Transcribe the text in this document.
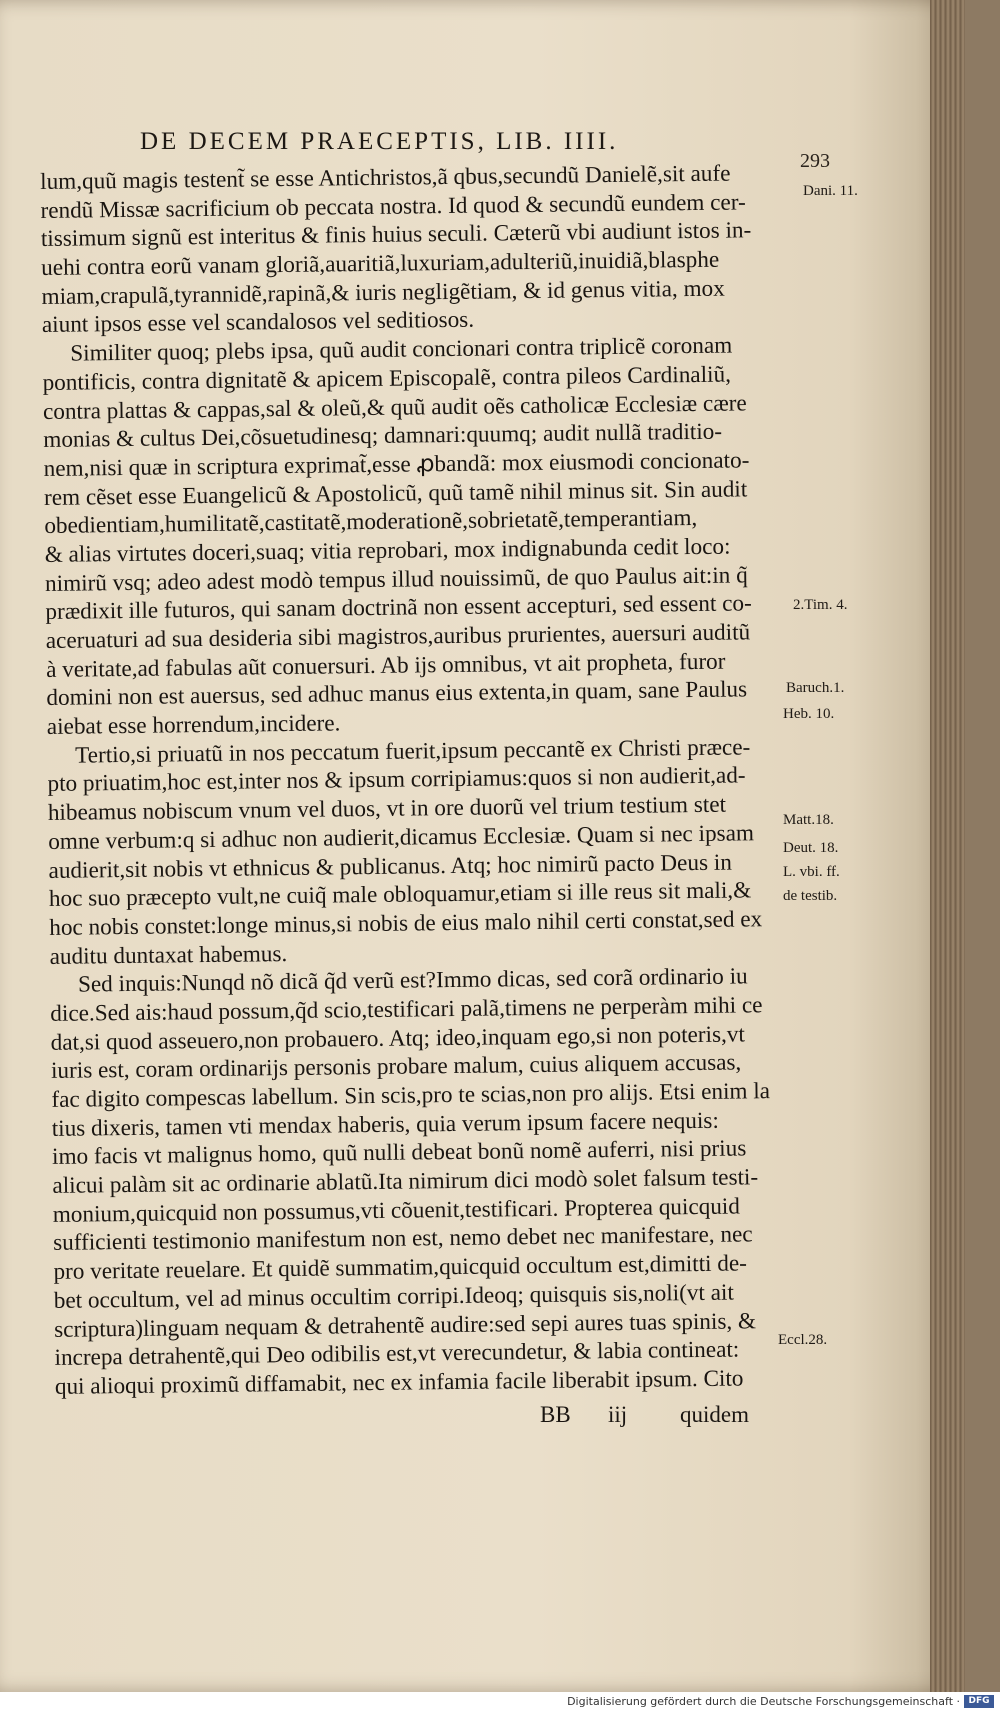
DE DECEM PRAECEPTIS, LIB. IIII.
293
lum,quũ magis testent̃ se esse Antichristos,ã qbus,secundũ Danielẽ,sit aufe
rendũ Missæ sacrificium ob peccata nostra. Id quod & secundũ eundem cer-
tissimum signũ est interitus & finis huius seculi. Cæterũ vbi audiunt istos in-
uehi contra eorũ vanam gloriã,auaritiã,luxuriam,adulteriũ,inuidiã,blasphe
miam,crapulã,tyrannidẽ,rapinã,& iuris negligẽtiam, & id genus vitia, mox
aiunt ipsos esse vel scandalosos vel seditiosos.
Similiter quoq; plebs ipsa, quũ audit concionari contra triplicẽ coronam
pontificis, contra dignitatẽ & apicem Episcopalẽ, contra pileos Cardinaliũ,
contra plattas & cappas,sal & oleũ,& quũ audit oẽs catholicæ Ecclesiæ cære
monias & cultus Dei,cõsuetudinesq; damnari:quumq; audit nullã traditio-
nem,nisi quæ in scriptura exprimat̃,esse ꝓbandã: mox eiusmodi concionato-
rem cẽset esse Euangelicũ & Apostolicũ, quũ tamẽ nihil minus sit. Sin audit
obedientiam,humilitatẽ,castitatẽ,moderationẽ,sobrietatẽ,temperantiam,
& alias virtutes doceri,suaq; vitia reprobari, mox indignabunda cedit loco:
nimirũ vsq; adeo adest modò tempus illud nouissimũ, de quo Paulus ait:in q̃
prædixit ille futuros, qui sanam doctrinã non essent accepturi, sed essent co-
aceruaturi ad sua desideria sibi magistros,auribus prurientes, auersuri auditũ
à veritate,ad fabulas aũt conuersuri. Ab ijs omnibus, vt ait propheta, furor
domini non est auersus, sed adhuc manus eius extenta,in quam, sane Paulus
aiebat esse horrendum,incidere.
Tertio,si priuatũ in nos peccatum fuerit,ipsum peccantẽ ex Christi præce-
pto priuatim,hoc est,inter nos & ipsum corripiamus:quos si non audierit,ad-
hibeamus nobiscum vnum vel duos, vt in ore duorũ vel trium testium stet
omne verbum:q si adhuc non audierit,dicamus Ecclesiæ. Quam si nec ipsam
audierit,sit nobis vt ethnicus & publicanus. Atq; hoc nimirũ pacto Deus in
hoc suo præcepto vult,ne cuiq̃ male obloquamur,etiam si ille reus sit mali,&
hoc nobis constet:longe minus,si nobis de eius malo nihil certi constat,sed ex
auditu duntaxat habemus.
Sed inquis:Nunqd nõ dicã q̃d verũ est?Immo dicas, sed corã ordinario iu
dice.Sed ais:haud possum,q̃d scio,testificari palã,timens ne perperàm mihi ce
dat,si quod asseuero,non probauero. Atq; ideo,inquam ego,si non poteris,vt
iuris est, coram ordinarijs personis probare malum, cuius aliquem accusas,
fac digito compescas labellum. Sin scis,pro te scias,non pro alijs. Etsi enim la
tius dixeris, tamen vti mendax haberis, quia verum ipsum facere nequis:
imo facis vt malignus homo, quũ nulli debeat bonũ nomẽ auferri, nisi prius
alicui palàm sit ac ordinarie ablatũ.Ita nimirum dici modò solet falsum testi-
monium,quicquid non possumus,vti cõuenit,testificari. Propterea quicquid
sufficienti testimonio manifestum non est, nemo debet nec manifestare, nec
pro veritate reuelare. Et quidẽ summatim,quicquid occultum est,dimitti de-
bet occultum, vel ad minus occultim corripi.Ideoq; quisquis sis,noli(vt ait
scriptura)linguam nequam & detrahentẽ audire:sed sepi aures tuas spinis, &
increpa detrahentẽ,qui Deo odibilis est,vt verecundetur, & labia contineat:
qui alioqui proximũ diffamabit, nec ex infamia facile liberabit ipsum. Cito
Dani. 11.
2.Tim. 4.
Baruch.1.
Heb. 10.
Matt.18.
Deut. 18.
L. vbi. ff.
de testib.
Eccl.28.
BB iij quidem
Digitalisierung gefördert durch die Deutsche Forschungsgemeinschaft · DFG
